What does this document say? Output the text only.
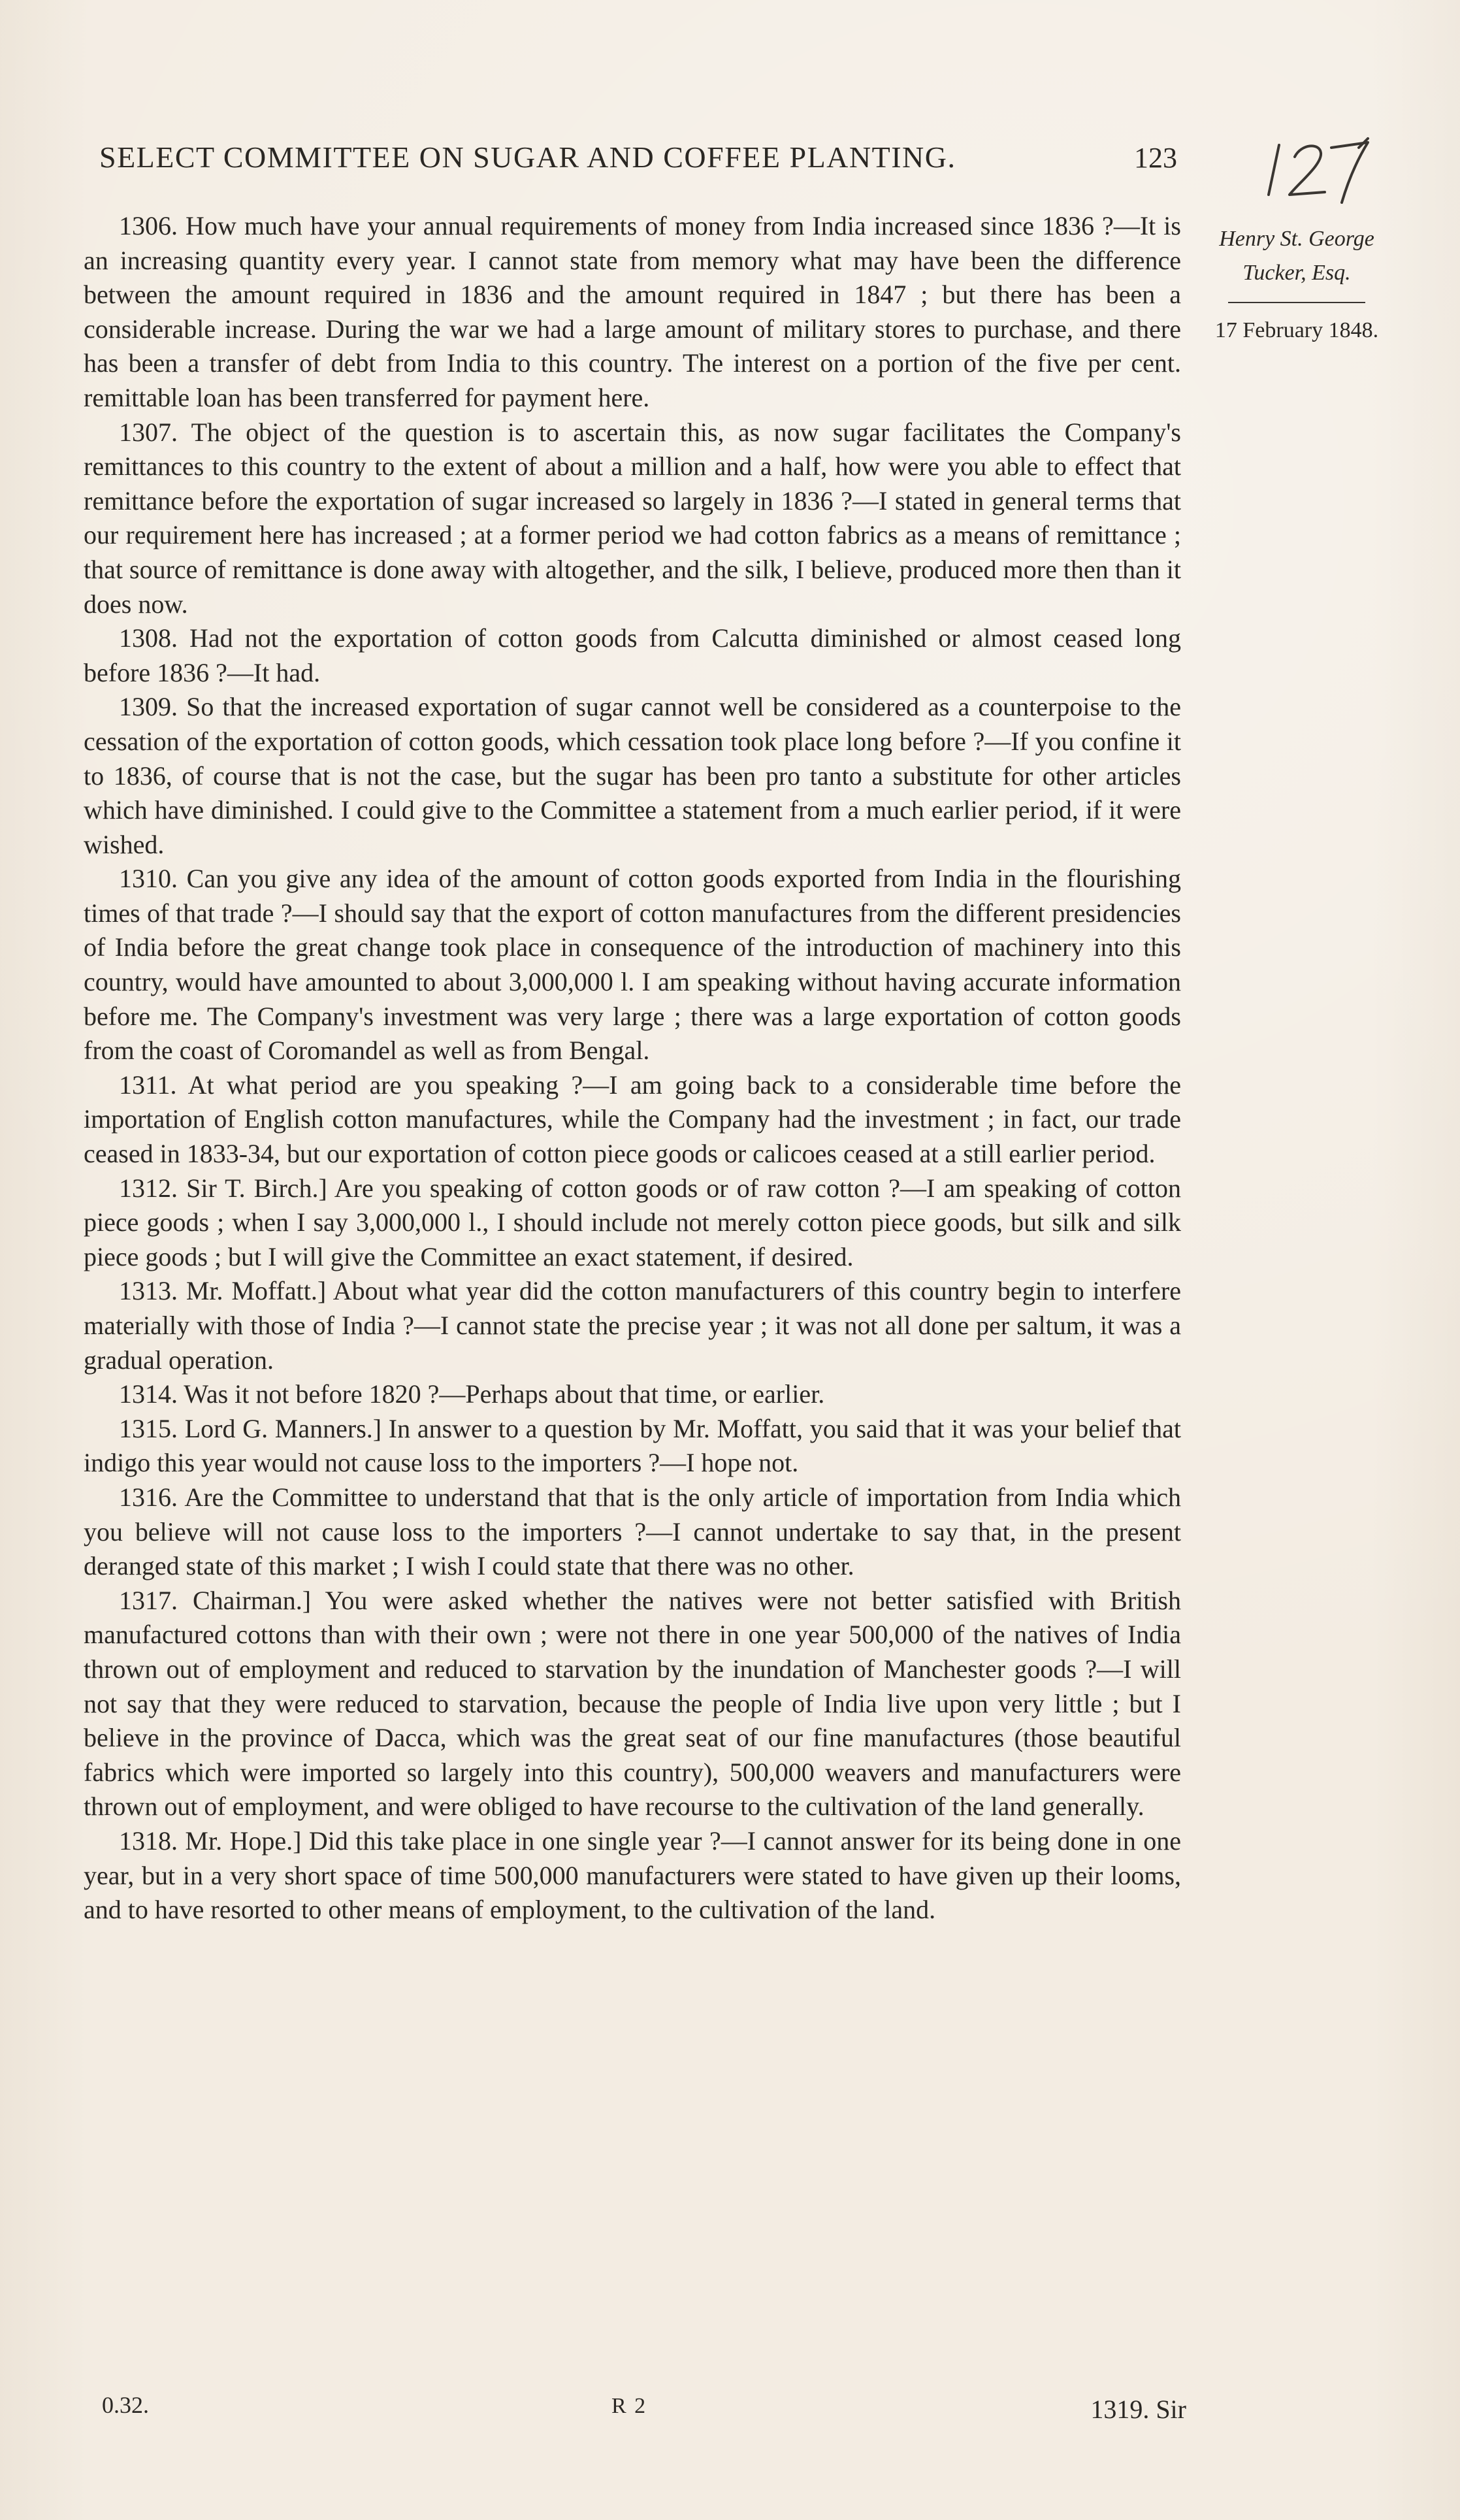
SELECT COMMITTEE ON SUGAR AND COFFEE PLANTING.	123
Henry St. George
Tucker, Esq.
17 February 1848.

1306. How much have your annual requirements of money from India increased since 1836 ?—It is an increasing quantity every year. I cannot state from memory what may have been the difference between the amount required in 1836 and the amount required in 1847 ; but there has been a considerable increase. During the war we had a large amount of military stores to purchase, and there has been a transfer of debt from India to this country. The interest on a portion of the five per cent. remittable loan has been transferred for payment here.

1307. The object of the question is to ascertain this, as now sugar facilitates the Company's remittances to this country to the extent of about a million and a half, how were you able to effect that remittance before the exportation of sugar increased so largely in 1836 ?—I stated in general terms that our requirement here has increased ; at a former period we had cotton fabrics as a means of remittance ; that source of remittance is done away with altogether, and the silk, I believe, produced more then than it does now.

1308. Had not the exportation of cotton goods from Calcutta diminished or almost ceased long before 1836 ?—It had.

1309. So that the increased exportation of sugar cannot well be considered as a counterpoise to the cessation of the exportation of cotton goods, which cessation took place long before ?—If you confine it to 1836, of course that is not the case, but the sugar has been pro tanto a substitute for other articles which have diminished. I could give to the Committee a statement from a much earlier period, if it were wished.

1310. Can you give any idea of the amount of cotton goods exported from India in the flourishing times of that trade ?—I should say that the export of cotton manufactures from the different presidencies of India before the great change took place in consequence of the introduction of machinery into this country, would have amounted to about 3,000,000 l. I am speaking without having accurate information before me. The Company's investment was very large ; there was a large exportation of cotton goods from the coast of Coromandel as well as from Bengal.

1311. At what period are you speaking ?—I am going back to a considerable time before the importation of English cotton manufactures, while the Company had the investment ; in fact, our trade ceased in 1833-34, but our exportation of cotton piece goods or calicoes ceased at a still earlier period.

1312. Sir T. Birch.] Are you speaking of cotton goods or of raw cotton ?—I am speaking of cotton piece goods ; when I say 3,000,000 l., I should include not merely cotton piece goods, but silk and silk piece goods ; but I will give the Committee an exact statement, if desired.

1313. Mr. Moffatt.] About what year did the cotton manufacturers of this country begin to interfere materially with those of India ?—I cannot state the precise year ; it was not all done per saltum, it was a gradual operation.

1314. Was it not before 1820 ?—Perhaps about that time, or earlier.

1315. Lord G. Manners.] In answer to a question by Mr. Moffatt, you said that it was your belief that indigo this year would not cause loss to the importers ?—I hope not.

1316. Are the Committee to understand that that is the only article of importation from India which you believe will not cause loss to the importers ?—I cannot undertake to say that, in the present deranged state of this market ; I wish I could state that there was no other.

1317. Chairman.] You were asked whether the natives were not better satisfied with British manufactured cottons than with their own ; were not there in one year 500,000 of the natives of India thrown out of employment and reduced to starvation by the inundation of Manchester goods ?—I will not say that they were reduced to starvation, because the people of India live upon very little ; but I believe in the province of Dacca, which was the great seat of our fine manufactures (those beautiful fabrics which were imported so largely into this country), 500,000 weavers and manufacturers were thrown out of employment, and were obliged to have recourse to the cultivation of the land generally.

1318. Mr. Hope.] Did this take place in one single year ?—I cannot answer for its being done in one year, but in a very short space of time 500,000 manufacturers were stated to have given up their looms, and to have resorted to other means of employment, to the cultivation of the land.

0.32.	R 2	1319. Sir
